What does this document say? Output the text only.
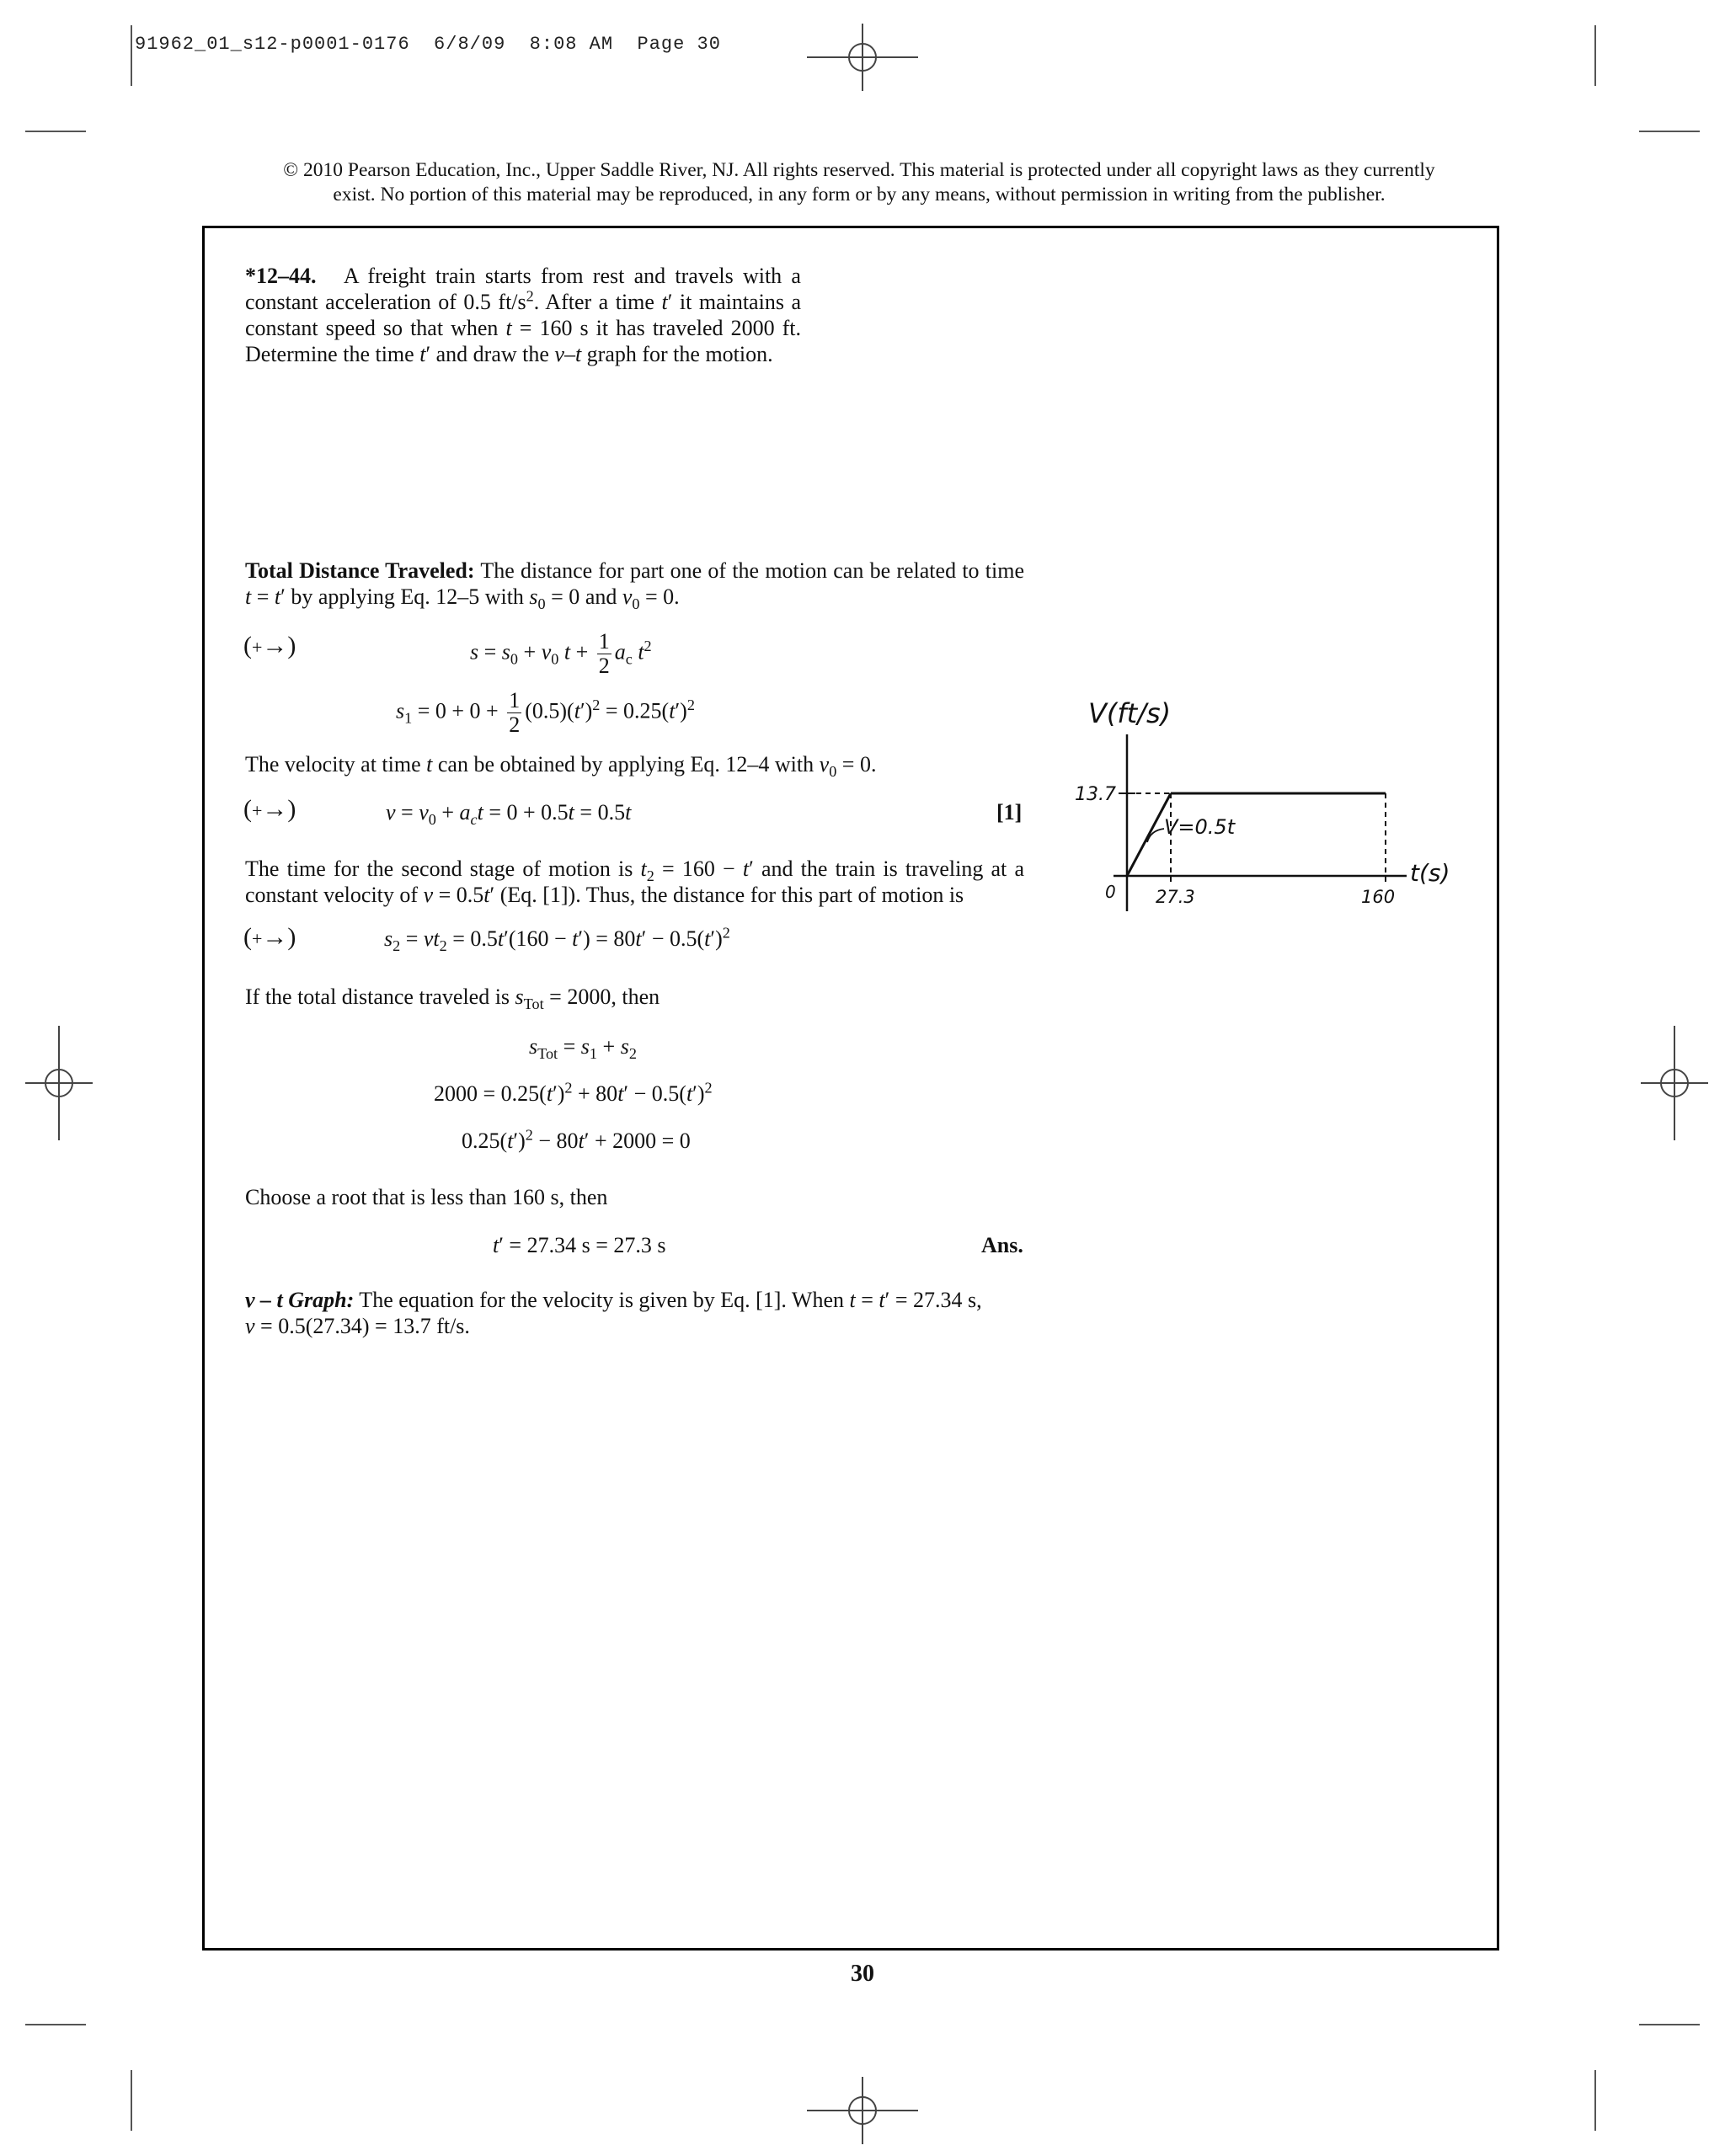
91962_01_s12-p0001-0176  6/8/09  8:08 AM  Page 30
© 2010 Pearson Education, Inc., Upper Saddle River, NJ. All rights reserved. This material is protected under all copyright laws as they currently
exist. No portion of this material may be reproduced, in any form or by any means, without permission in writing from the publisher.
*12–44. A freight train starts from rest and travels with a constant acceleration of 0.5 $ft/s^2$. After a time t′ it maintains a constant speed so that when t = 160 s it has traveled 2000 ft. Determine the time t′ and draw the v–t graph for the motion.
Total Distance Traveled: The distance for part one of the motion can be related to time t = t′ by applying Eq. 12–5 with $s_0 = 0$ and $v_0 = 0$.
(+→)	$s = s_0 + v_0$ $t + \frac{1}{2} a_c$ $t^2$
$s_1 = 0 + 0 + \frac{1}{2} (0.5)(t')^2 = 0.25(t')^2$
The velocity at time t can be obtained by applying Eq. 12–4 with $v_0 = 0$.
(+→)	$v = v_0 + a_ct = 0 + 0.5t = 0.5t$	[1]
The time for the second stage of motion is $t_2 = 160 - t'$ and the train is traveling at a constant velocity of v = 0.5t′ (Eq. [1]). Thus, the distance for this part of motion is
(+→)	$s_2 = vt_2 = 0.5t'(160 - t') = 80t' - 0.5(t')^2$
If the total distance traveled is $s_{Tot} = 2000$, then
$s_{Tot} = s_1 + s_2$
$2000 = 0.25(t')^2 + 80t' - 0.5(t')^2$
$0.25(t')^2 - 80t' + 2000 = 0$
Choose a root that is less than 160 s, then
t′ = 27.34 s = 27.3 s	Ans.
v – t Graph: The equation for the velocity is given by Eq. [1]. When t = t′ = 27.34 s,
v = 0.5(27.34) = 13.7 ft/s.
V(ft/s)
t(s)
0
13.7
27.3	160
V=0.5t
30
